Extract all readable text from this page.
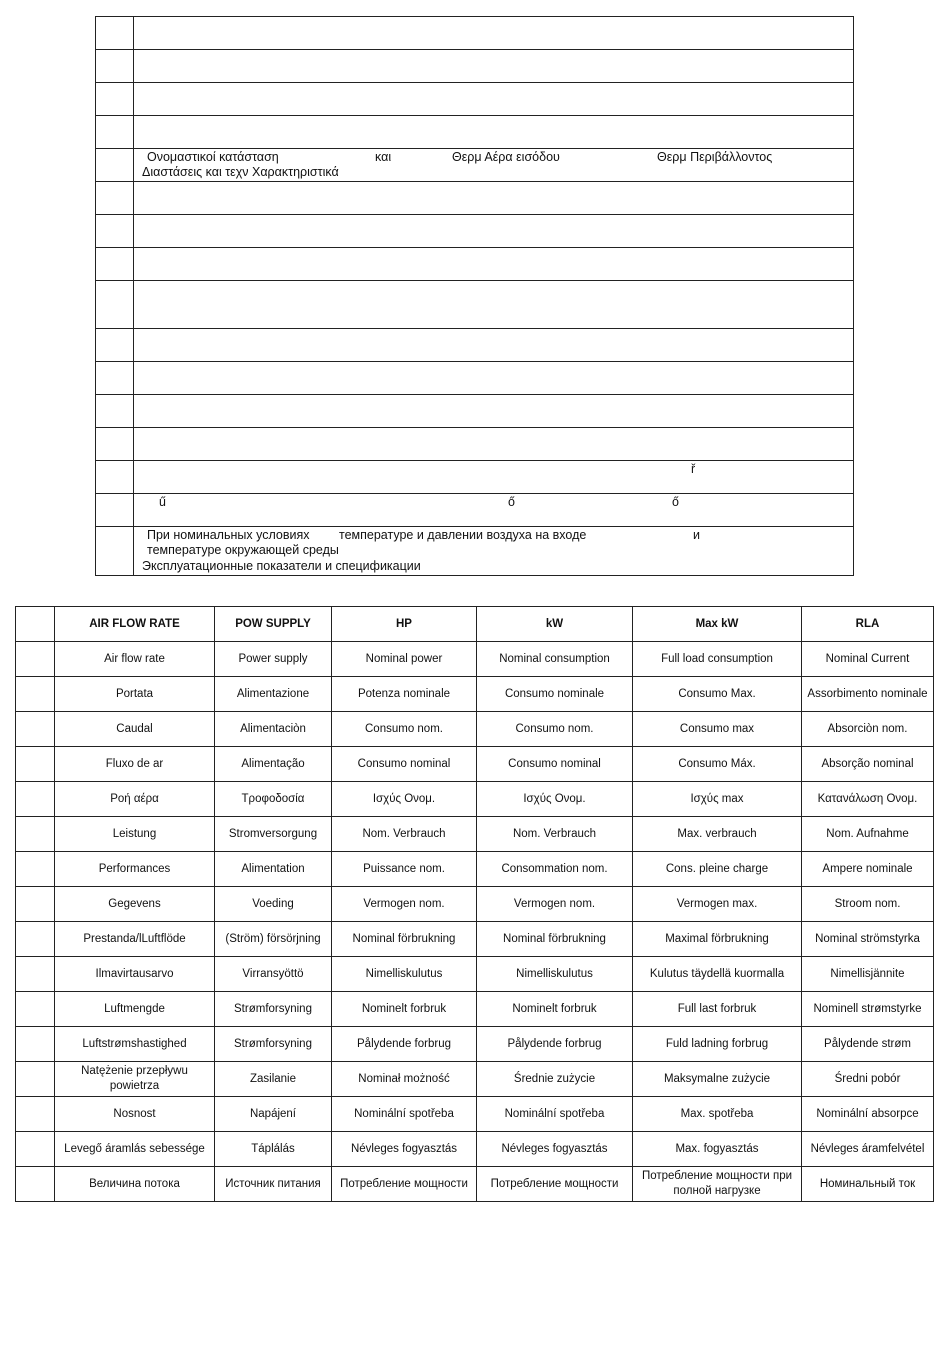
	Ονομαστικοί κατάσταση και Θερμ Αέρα εισόδου Θερμ Περιβάλλοντος
Διαστάσεις και τεχν Χαρακτηριστικά

	ř

	ű ő ő

	При номинальных условиях температуре и давлении воздуха на входе и
температуре окружающей среды
Эксплуатационные показатели и спецификации
	AIR FLOW RATE	POW SUPPLY	HP	kW	Max kW	RLA
	Air flow rate	Power supply	Nominal power	Nominal consumption	Full load consumption	Nominal Current
	Portata	Alimentazione	Potenza nominale	Consumo nominale	Consumo Max.	Assorbimento nominale
	Caudal	Alimentaciòn	Consumo nom.	Consumo nom.	Consumo max	Absorciòn nom.
	Fluxo de ar	Alimentação	Consumo nominal	Consumo nominal	Consumo Máx.	Absorção nominal
	Ροή αέρα	Τροφοδοσία	Ισχύς Ονομ.	Ισχύς Ονομ.	Ισχύς max	Κατανάλωση Ονομ.
	Leistung	Stromversorgung	Nom. Verbrauch	Nom. Verbrauch	Max. verbrauch	Nom. Aufnahme
	Performances	Alimentation	Puissance nom.	Consommation nom.	Cons. pleine charge	Ampere nominale
	Gegevens	Voeding	Vermogen nom.	Vermogen nom.	Vermogen max.	Stroom nom.
	Prestanda/lLuftflöde	(Ström) försörjning	Nominal förbrukning	Nominal förbrukning	Maximal förbrukning	Nominal strömstyrka
	Ilmavirtausarvo	Virransyöttö	Nimelliskulutus	Nimelliskulutus	Kulutus täydellä kuormalla	Nimellisjännite
	Luftmengde	Strømforsyning	Nominelt forbruk	Nominelt forbruk	Full last forbruk	Nominell strømstyrke
	Luftstrømshastighed	Strømforsyning	Pålydende forbrug	Pålydende forbrug	Fuld ladning forbrug	Pålydende strøm
	Natężenie przepływu powietrza	Zasilanie	Nominał możność	Średnie zużycie	Maksymalne zużycie	Średni pobór
	Nosnost	Napájení	Nominální spotřeba	Nominální spotřeba	Max. spotřeba	Nominální absorpce
	Levegő áramlás sebessége	Táplálás	Névleges fogyasztás	Névleges fogyasztás	Max. fogyasztás	Névleges áramfelvétel
	Величина потока	Источник питания	Потребление мощности	Потребление мощности	Потребление мощности при полной нагрузке	Номинальный ток
